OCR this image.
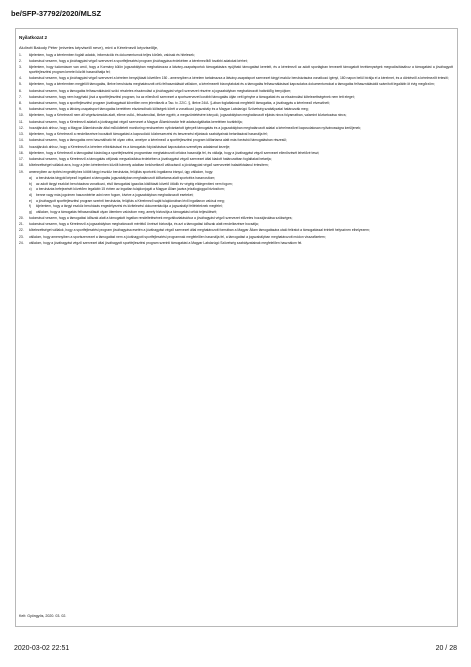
be/SFP-37792/2020/MLSZ
Nyilatkozat 2
Alulírott Bakody Péter (mivetes képviselő neve), mint a Kérelmező képviselője,
1.	kijelentem, hogy a kérelemben foglalt adatok, információk és dokumentumok teljes körűek, valósak és hitelesek;
2.	tudomásul veszem, hogy a jóváhagyást végző szervezet a sportfejlesztési program jóváhagyása érdekében a kérelmezőtől további adatokat kérhet;
3.	kijelentem, hogy tudomásom van arról, hogy a Kormány külön jogszabályban meghatározza a látvány-csapatsportok támogatására nyújtható támogatást kereteit, és a kérelmező az adott sportágban tervezett támogatott tevékenységek megvalósításához a támogatást a jóváhagyott sportfejlesztési program keretei között használhatja fel;
4.	tudomásul veszem, hogy a jóváhagyást végző szervezet a kérelem benyújtását követően 150 - amennyiben a kérelem tartalmazza a látvány-csapatsport szervezet tárgyi eszköz beruházására vonatkozó igényt, 180 napon belül bírálja el a kérelmet, és a döntésről a kérelmezőt értesíti;
5.	kijelentem, hogy a kérelemben megjelölt támogatás, illetve beruházás meghatározott célú felhasználását vállalom, a kérelmezett bizonylatokat és a támogatás felhasználásával kapcsolatos dokumentumokat a támogatás felhasználásától számított legalább öt évig megőrzöm;
6.	tudomásul veszem, hogy a támogatás felhasználásáról szóló részletes elszámolást a jóváhagyást végző szervezet részére a jogszabályban meghatározott határidőig benyújtom;
7.	tudomásul veszem, hogy nem hagyható jóvá a sportfejlesztési program, ha az ellenőrző szervezet a sportszervezet korábbi támogatás útján vett igénybe a támogatást és az elszámolási kötelezettségének nem tett eleget;
8.	tudomásul veszem, hogy a sportfejlesztési program jóváhagyását követően nem jelentkezik a Tao. tv. 22/C. §, illetve 24/A. §-ában foglaltaknak megfelelő támogatás, a jóváhagyás a kérelmező elvesztheti;
9.	tudomásul veszem, hogy a látvány-csapatsport támogatás keretében elszámolható költségek körét a vonatkozó jogszabály és a Magyar Labdarúgó Szövetség szabályzatai határozzák meg;
10.	kijelentem, hogy a Kérelmező nem áll végelszámolás alatt, ellene csőd-, felszámolási, illetve egyéb, a megszüntetésére irányuló, jogszabályban meghatározott eljárás nincs folyamatban, valamint köztartozása nincs;
11.	tudomásul veszem, hogy a Kérelmező adatait a jóváhagyást végző szervezet a Magyar Államkincstár felé adatszolgáltatás keretében továbbítja;
12.	hozzájárulok ahhoz, hogy a Magyar Államkincstár által működtetett monitoring rendszerben nyilvántartott igényelt támogatás és a jogszabályban meghatározott adatai a kérelmezővel kapcsolatosan nyilvánosságra kerüljenek;
13.	kijelentem, hogy a Kérelmező a rendelkezésre bocsátott támogatást a kapcsolódó közbeszerzési és beszerzési eljárások szabályainak betartásával használja fel;
14.	tudomásul veszem, hogy a támogatás nem használható fel olyan célra, amelyre a kérelmező a sportfejlesztési program időtartama alatt más forrásból támogatásban részesül;
15.	hozzájárulok ahhoz, hogy a Kérelmező a kérelem elbírálásával és a támogatás folyósításával kapcsolatos személyes adataimat kezelje;
16.	kijelentem, hogy a Kérelmező a támogatást kizárólag a sportfejlesztési programban meghatározott célokra használja fel, és vállalja, hogy a jóváhagyást végző szervezet ellenőrzését lehetővé teszi;
17.	tudomásul veszem, hogy a Kérelmező a támogatás céljának megvalósítása érdekében a jóváhagyást végző szervezet által kiadott határozatban foglaltakat betartja;
18.	kötelezettséget vállalok arra, hogy a jelen kérelemben közölt bármely adatban bekövetkező változásról a jóváhagyást végző szervezetet haladéktalanul értesítem;
19.	amennyiben az építési engedélyhez kötött tárgyi eszköz beruházás, felújítás sportcélú ingatlanra irányul, úgy vállalom, hogy:
a)	a beruházás tárgyát képező ingatlant a támogatás jogszabályban meghatározott időtartama alatt sportcélra hasznosítom;
b)	az adott tárgyi eszközt beruházásra vonatkozó, első támogatási igazolás kiállítását követő ötödik év végéig elidegeníteni nem fogom;
c)	a beruházás befejezését követően legalább 15 évben az ingatlan tulajdonjogát a Magyar Állam javára jelzálogjoggal biztosítom;
d)	benne vagy más jogcímen haszonbérbe adni nem fogom, kivéve a jogszabályban meghatározott eseteket;
e)	a jóváhagyott sportfejlesztési program szerinti beruházás, felújítás a Kérelmező saját tulajdonában lévő ingatlanon valósul meg;
f)	kijelentem, hogy a tárgyi eszköz beruházás engedélyezési és kivitelezési dokumentációja a jogszabályi feltételeknek megfelel;
g)	vállalom, hogy a támogatás felhasználását olyan ütemben valósítom meg, amely biztosítja a támogatási célok teljesülését;
20.	tudomásul veszem, hogy a támogatási időszak alatt a támogatott ingatlan rendeltetésének megváltoztatásához a jóváhagyást végző szervezet előzetes hozzájárulása szükséges;
21.	tudomásul veszem, hogy a Kérelmező a jogszabályban meghatározott mértékű önrészt biztosítja, és azt a támogatási időszak alatt rendelkezésre bocsátja;
22.	kötelezettséget vállalok, hogy a sportfejlesztési program jóváhagyása esetén a jóváhagyást végző szervezet által meghatározott formában a Magyar Állam támogatására utaló feliratot a támogatással érintett helyszínen elhelyezem;
23.	vállalom, hogy amennyiben a sportszervezet a támogatást nem a jóváhagyott sportfejlesztési programnak megfelelően használja fel, a támogatást a jogszabályban meghatározott módon visszafizetem;
24.	vállalom, hogy a jóváhagyást végző szervezet által jóváhagyott sportfejlesztési program szerinti támogatást a Magyar Labdarúgó Szövetség szabályzatainak megfelelően használom fel.
Kelt: Gyöngyös, 2020. 03. 02.
2020-03-02 22:51	20 / 28
